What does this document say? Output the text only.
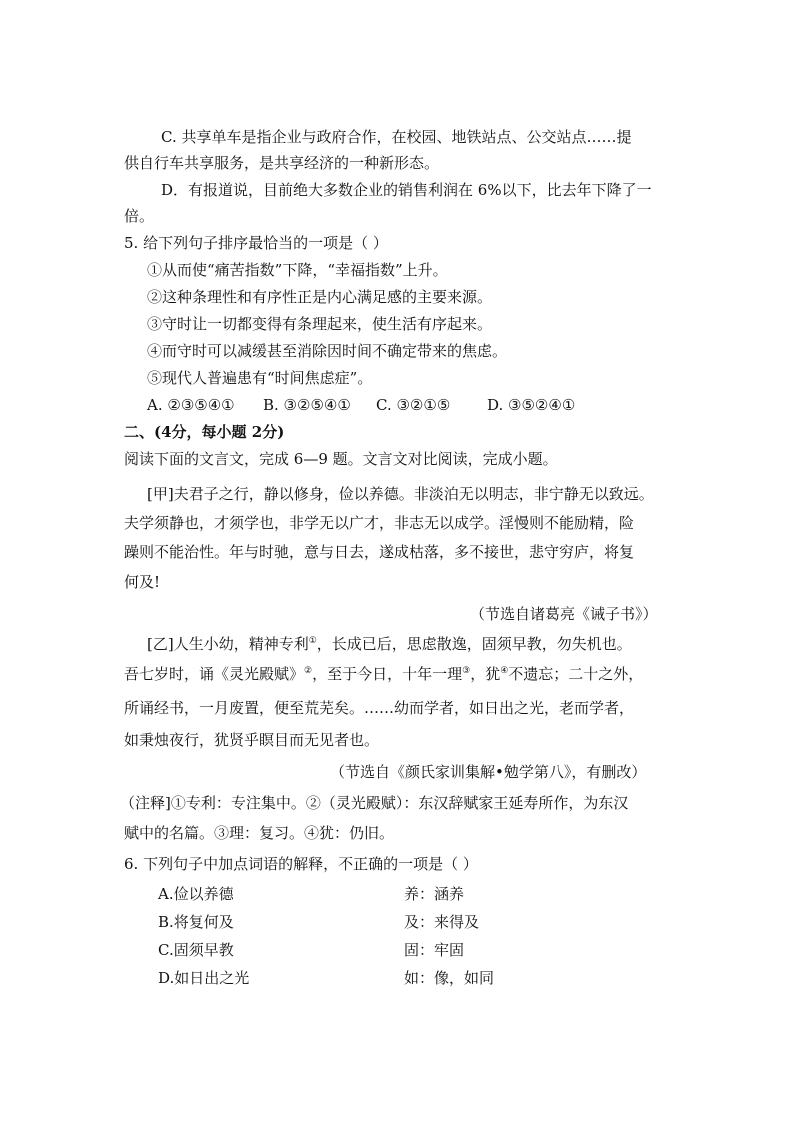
C. 共享单车是指企业与政府合作，在校园、地铁站点、公交站点……提
供自行车共享服务，是共享经济的一种新形态。
D．有报道说，目前绝大多数企业的销售利润在 6%以下，比去年下降了一
倍。
5. 给下列句子排序最恰当的一项是（ ）
①从而使“痛苦指数”下降，“幸福指数”上升。
②这种条理性和有序性正是内心满足感的主要来源。
③守时让一切都变得有条理起来，使生活有序起来。
④而守时可以减缓甚至消除因时间不确定带来的焦虑。
⑤现代人普遍患有“时间焦虑症”。
A. ②③⑤④① B. ③②⑤④① C. ③②①⑤ D. ③⑤②④①
二、(4分，每小题 2分)
阅读下面的文言文，完成 6—9 题。文言文对比阅读，完成小题。
[甲]夫君子之行，静以修身，俭以养德。非淡泊无以明志，非宁静无以致远。
夫学须静也，才须学也，非学无以广才，非志无以成学。淫慢则不能励精，险
躁则不能治性。年与时驰，意与日去，遂成枯落，多不接世，悲守穷庐，将复
何及!
（节选自诸葛亮《诫子书》）
[乙]人生小幼，精神专利①，长成已后，思虑散逸，固须早教，勿失机也。
吾七岁时，诵《灵光殿赋》②，至于今日，十年一理③，犹④不遗忘；二十之外，
所诵经书，一月废置，便至荒芜矣。……幼而学者，如日出之光，老而学者，
如秉烛夜行，犹贤乎瞑目而无见者也。
（节选自《颜氏家训集解•勉学第八》，有删改）
（注释]①专利：专注集中。②（灵光殿赋）：东汉辞赋家王延寿所作，为东汉
赋中的名篇。③理：复习。④犹：仍旧。
6. 下列句子中加点词语的解释，不正确的一项是（ ）
A.俭以养德	养：涵养
B.将复何及	及：来得及
C.固须早教	固：牢固
D.如日出之光	如：像，如同
